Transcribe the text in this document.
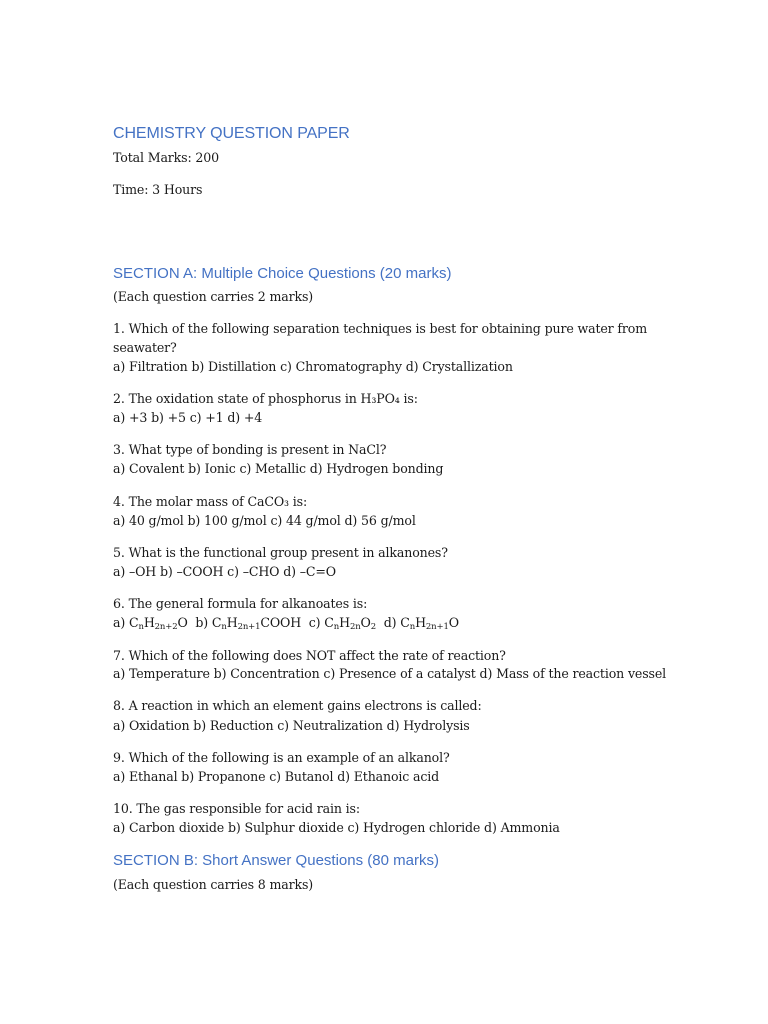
CHEMISTRY QUESTION PAPER
Total Marks: 200
Time: 3 Hours
SECTION A: Multiple Choice Questions (20 marks)
(Each question carries 2 marks)
1. Which of the following separation techniques is best for obtaining pure water from
seawater?
a) Filtration b) Distillation c) Chromatography d) Crystallization
2. The oxidation state of phosphorus in H₃PO₄ is:
a) +3 b) +5 c) +1 d) +4
3. What type of bonding is present in NaCl?
a) Covalent b) Ionic c) Metallic d) Hydrogen bonding
4. The molar mass of CaCO₃ is:
a) 40 g/mol b) 100 g/mol c) 44 g/mol d) 56 g/mol
5. What is the functional group present in alkanones?
a) –OH b) –COOH c) –CHO d) –C=O
6. The general formula for alkanoates is:
a) $C_nH_{2n+2}O$  b) $C_nH_{2n+1}COOH$  c) $C_nH_{2n}O_2$ d) $C_nH_{2n+1}O$
7. Which of the following does NOT affect the rate of reaction?
a) Temperature b) Concentration c) Presence of a catalyst d) Mass of the reaction vessel
8. A reaction in which an element gains electrons is called:
a) Oxidation b) Reduction c) Neutralization d) Hydrolysis
9. Which of the following is an example of an alkanol?
a) Ethanal b) Propanone c) Butanol d) Ethanoic acid
10. The gas responsible for acid rain is:
a) Carbon dioxide b) Sulphur dioxide c) Hydrogen chloride d) Ammonia
SECTION B: Short Answer Questions (80 marks)
(Each question carries 8 marks)
